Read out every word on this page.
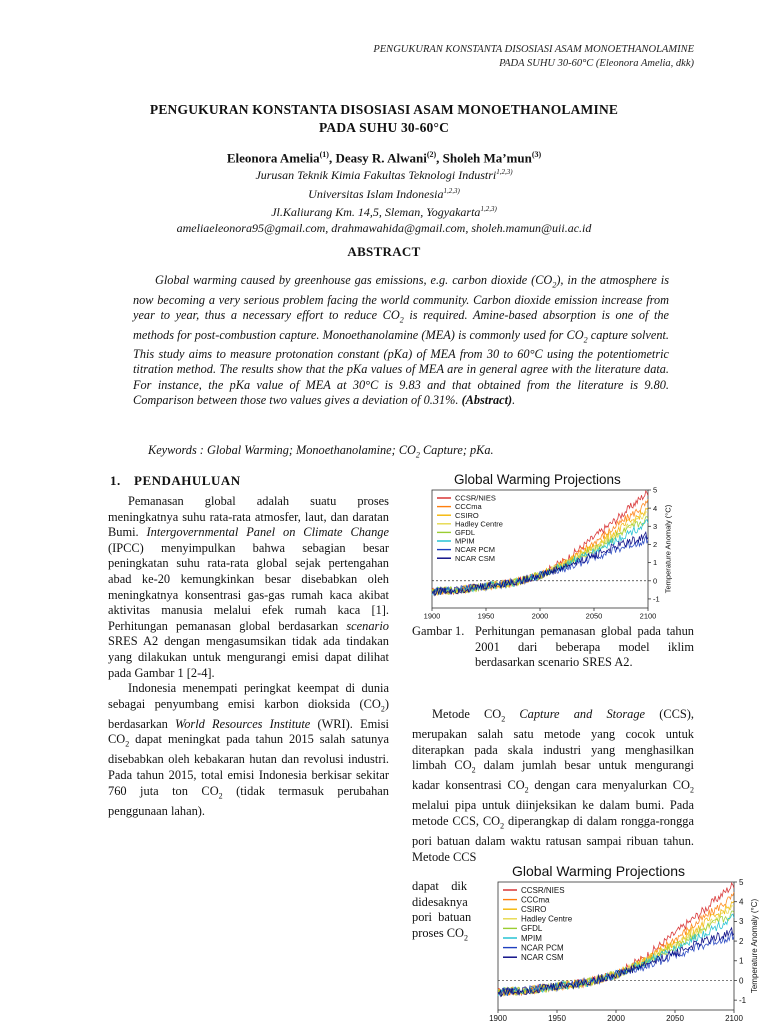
PENGUKURAN KONSTANTA DISOSIASI ASAM MONOETHANOLAMINE
PADA SUHU 30-60°C (Eleonora Amelia, dkk)
PENGUKURAN KONSTANTA DISOSIASI ASAM MONOETHANOLAMINE
PADA SUHU 30-60°C
Eleonora Amelia$^{(1)}$, Deasy R. Alwani$^{(2)}$, Sholeh Ma’mun$^{(3)}$
Jurusan Teknik Kimia Fakultas Teknologi Industri$^{1,2,3)}$
Universitas Islam Indonesia$^{1,2,3)}$
Jl.Kaliurang Km. 14,5, Sleman, Yogyakarta$^{1,2,3)}$
ameliaeleonora95@gmail.com, drahmawahida@gmail.com, sholeh.mamun@uii.ac.id
ABSTRACT
Global warming caused by greenhouse gas emissions, e.g. carbon dioxide $(CO_2)$, in the atmosphere is now becoming a very serious problem facing the world community. Carbon dioxide emission increase from year to year, thus a necessary effort to reduce $CO_2$ is required. Amine-based absorption is one of the methods for post-combustion capture. Monoethanolamine (MEA) is commonly used for $CO_2$ capture solvent. This study aims to measure protonation constant (pKa) of MEA from 30 to 60°C using the potentiometric titration method. The results show that the pKa values of MEA are in general agree with the literature data. For instance, the pKa value of MEA at 30°C is 9.83 and that obtained from the literature is 9.80. Comparison between those two values gives a deviation of 0.31%. (Abstract).
Keywords : Global Warming; Monoethanolamine; $CO_2$ Capture; pKa.
1. PENDAHULUAN

Pemanasan global adalah suatu proses meningkatnya suhu rata-rata atmosfer, laut, dan daratan Bumi. Intergovernmental Panel on Climate Change (IPCC) menyimpulkan bahwa sebagian besar peningkatan suhu rata-rata global sejak pertengahan abad ke-20 kemungkinkan besar disebabkan oleh meningkatnya konsentrasi gas-gas rumah kaca akibat aktivitas manusia melalui efek rumah kaca [1]. Perhitungan pemanasan global berdasarkan scenario SRES A2 dengan mengasumsikan tidak ada tindakan yang dilakukan untuk mengurangi emisi dapat dilihat pada Gambar 1 [2-4].

Indonesia menempati peringkat keempat di dunia sebagai penyumbang emisi karbon dioksida $(CO_2)$ berdasarkan World Resources Institute (WRI). Emisi $CO_2$ dapat meningkat pada tahun 2015 salah satunya disebabkan oleh kebakaran hutan dan revolusi industri. Pada tahun 2015, total emisi Indonesia berkisar sekitar 760 juta ton $CO_2$ (tidak termasuk perubahan penggunaan lahan).

Global Warming Projections
1900	1950	2000	2050	2100
-1
0
1
2
3
4
5
Temperature Anomaly (°C)
CCSR/NIES
CCCma
CSIRO
Hadley Centre
GFDL
MPIM
NCAR PCM
NCAR CSM
Gambar 1. Perhitungan pemanasan global pada tahun 2001 dari beberapa model iklim berdasarkan scenario SRES A2.
Metode $CO_2$ Capture and Storage (CCS), merupakan salah satu metode yang cocok untuk diterapkan pada skala industri yang menghasilkan limbah $CO_2$ dalam jumlah besar untuk mengurangi kadar konsentrasi $CO_2$ dengan cara menyalurkan $CO_2$ melalui pipa untuk diinjeksikan ke dalam bumi. Pada metode CCS, $CO_2$ diperangkap di dalam rongga-rongga pori batuan dalam waktu ratusan sampai ribuan tahun. Metode CCS
dapat    dik
didesaknya
pori  batuan
proses $CO_2$
Global Warming Projections
1900	1950	2000	2050	2100
-1
0
1
2
3
4
5
Temperature Anomaly (°C)
CCSR/NIES
CCCma
CSIRO
Hadley Centre
GFDL
MPIM
NCAR PCM
NCAR CSM
